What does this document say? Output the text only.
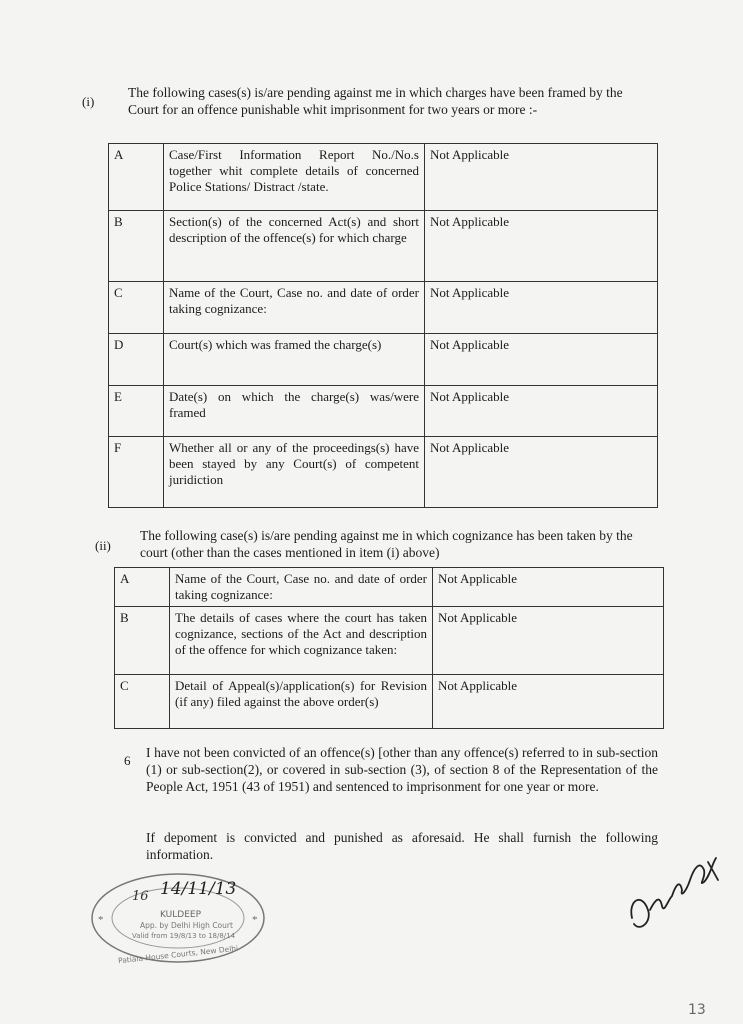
(i)
The following cases(s) is/are pending against me in which charges have been framed by the Court for an offence punishable whit imprisonment for two years or more :-
A	Case/First Information Report No./No.s together whit complete details of concerned Police Stations/ Distract /state.	Not Applicable
B	Section(s) of the concerned Act(s) and short description of the offence(s) for which charge	Not Applicable
C	Name of the Court, Case no. and date of order taking cognizance:	Not Applicable
D	Court(s) which was framed the charge(s)	Not Applicable
E	Date(s) on which the charge(s) was/were framed	Not Applicable
F	Whether all or any of the proceedings(s) have been stayed by any Court(s) of competent juridiction	Not Applicable
(ii)
The following case(s) is/are pending against me in which cognizance has been taken by the court (other than the cases mentioned in item (i) above)
A	Name of the Court, Case no. and date of order taking cognizance:	Not Applicable
B	The details of cases where the court has taken cognizance, sections of the Act and description of the offence for which cognizance taken:	Not Applicable
C	Detail of Appeal(s)/application(s) for Revision (if any) filed against the above order(s)	Not Applicable
6
I have not been convicted of an offence(s) [other than any offence(s) referred to in sub-section (1) or sub-section(2), or covered in sub-section (3), of section 8 of the Representation of the People Act, 1951 (43 of 1951) and sentenced to imprisonment for one year or more.
If depoment is convicted and punished as aforesaid. He shall furnish the following information.
16 14/11/13
KULDEEP
App. by Delhi High Court
Valid from 19/8/13 to 18/8/14
Patiala House Courts, New Delhi
*	*
13
